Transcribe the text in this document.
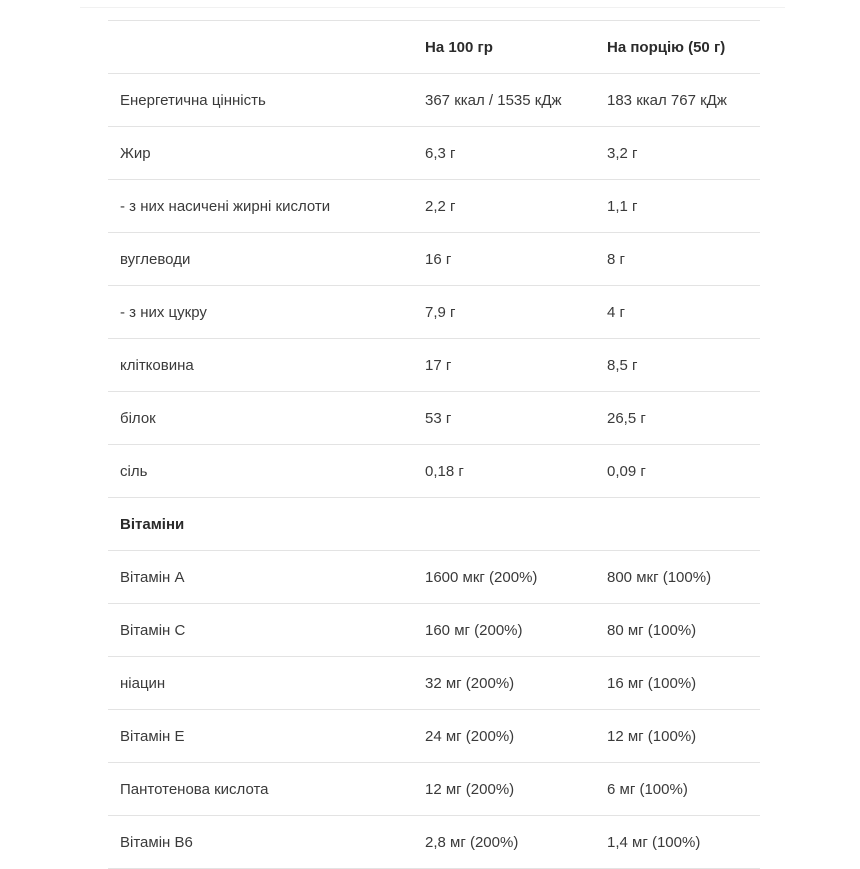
	На 100 гр	На порцію (50 г)
Енергетична цінність	367 ккал / 1535 кДж	183 ккал 767 кДж
Жир	6,3 г	3,2 г
- з них насичені жирні кислоти	2,2 г	1,1 г
вуглеводи	16 г	8 г
- з них цукру	7,9 г	4 г
клітковина	17 г	8,5 г
білок	53 г	26,5 г
сіль	0,18 г	0,09 г
Вітаміни		
Вітамін А	1600 мкг (200%)	800 мкг (100%)
Вітамін С	160 мг (200%)	80 мг (100%)
ніацин	32 мг (200%)	16 мг (100%)
Вітамін Е	24 мг (200%)	12 мг (100%)
Пантотенова кислота	12 мг (200%)	6 мг (100%)
Вітамін В6	2,8 мг (200%)	1,4 мг (100%)
